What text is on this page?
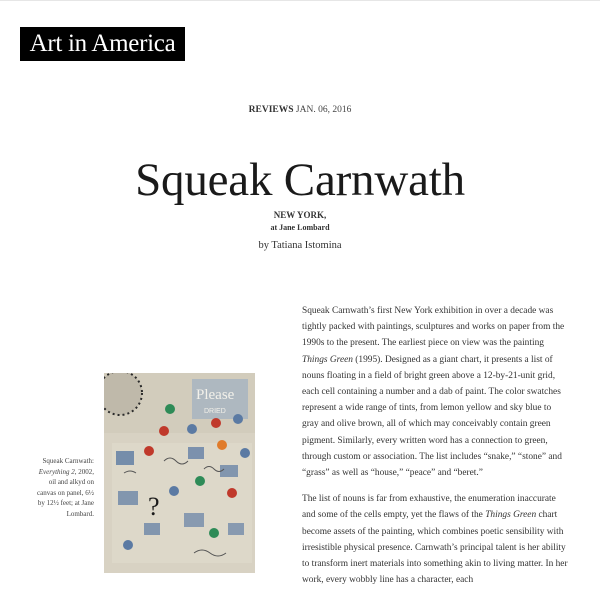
Art in America
REVIEWS JAN. 06, 2016
Squeak Carnwath
NEW YORK,
at Jane Lombard
by Tatiana Istomina

Squeak Carnwath’s first New York exhibition in over a decade was tightly packed with paintings, sculptures and works on paper from the 1990s to the present. The earliest piece on view was the painting Things Green (1995). Designed as a giant chart, it presents a list of nouns floating in a field of bright green above a 12-by-21-unit grid, each cell containing a number and a dab of paint. The color swatches represent a wide range of tints, from lemon yellow and sky blue to gray and olive brown, all of which may conceivably contain green pigment. Similarly, every written word has a connection to green, through custom or association. The list includes “snake,” “stone” and “grass” as well as “house,” “peace” and “beret.”

The list of nouns is far from exhaustive, the enumeration inaccurate and some of the cells empty, yet the flaws of the Things Green chart become assets of the painting, which combines poetic sensibility with irresistible physical presence. Carnwath’s principal talent is her ability to transform inert materials into something akin to living matter. In her work, every wobbly line has a character, each

Squeak Carnwath:
Everything 2, 2002, oil and alkyd on canvas on panel, 6½ by 12½ feet; at Jane Lombard.
Please
DRIED
?
